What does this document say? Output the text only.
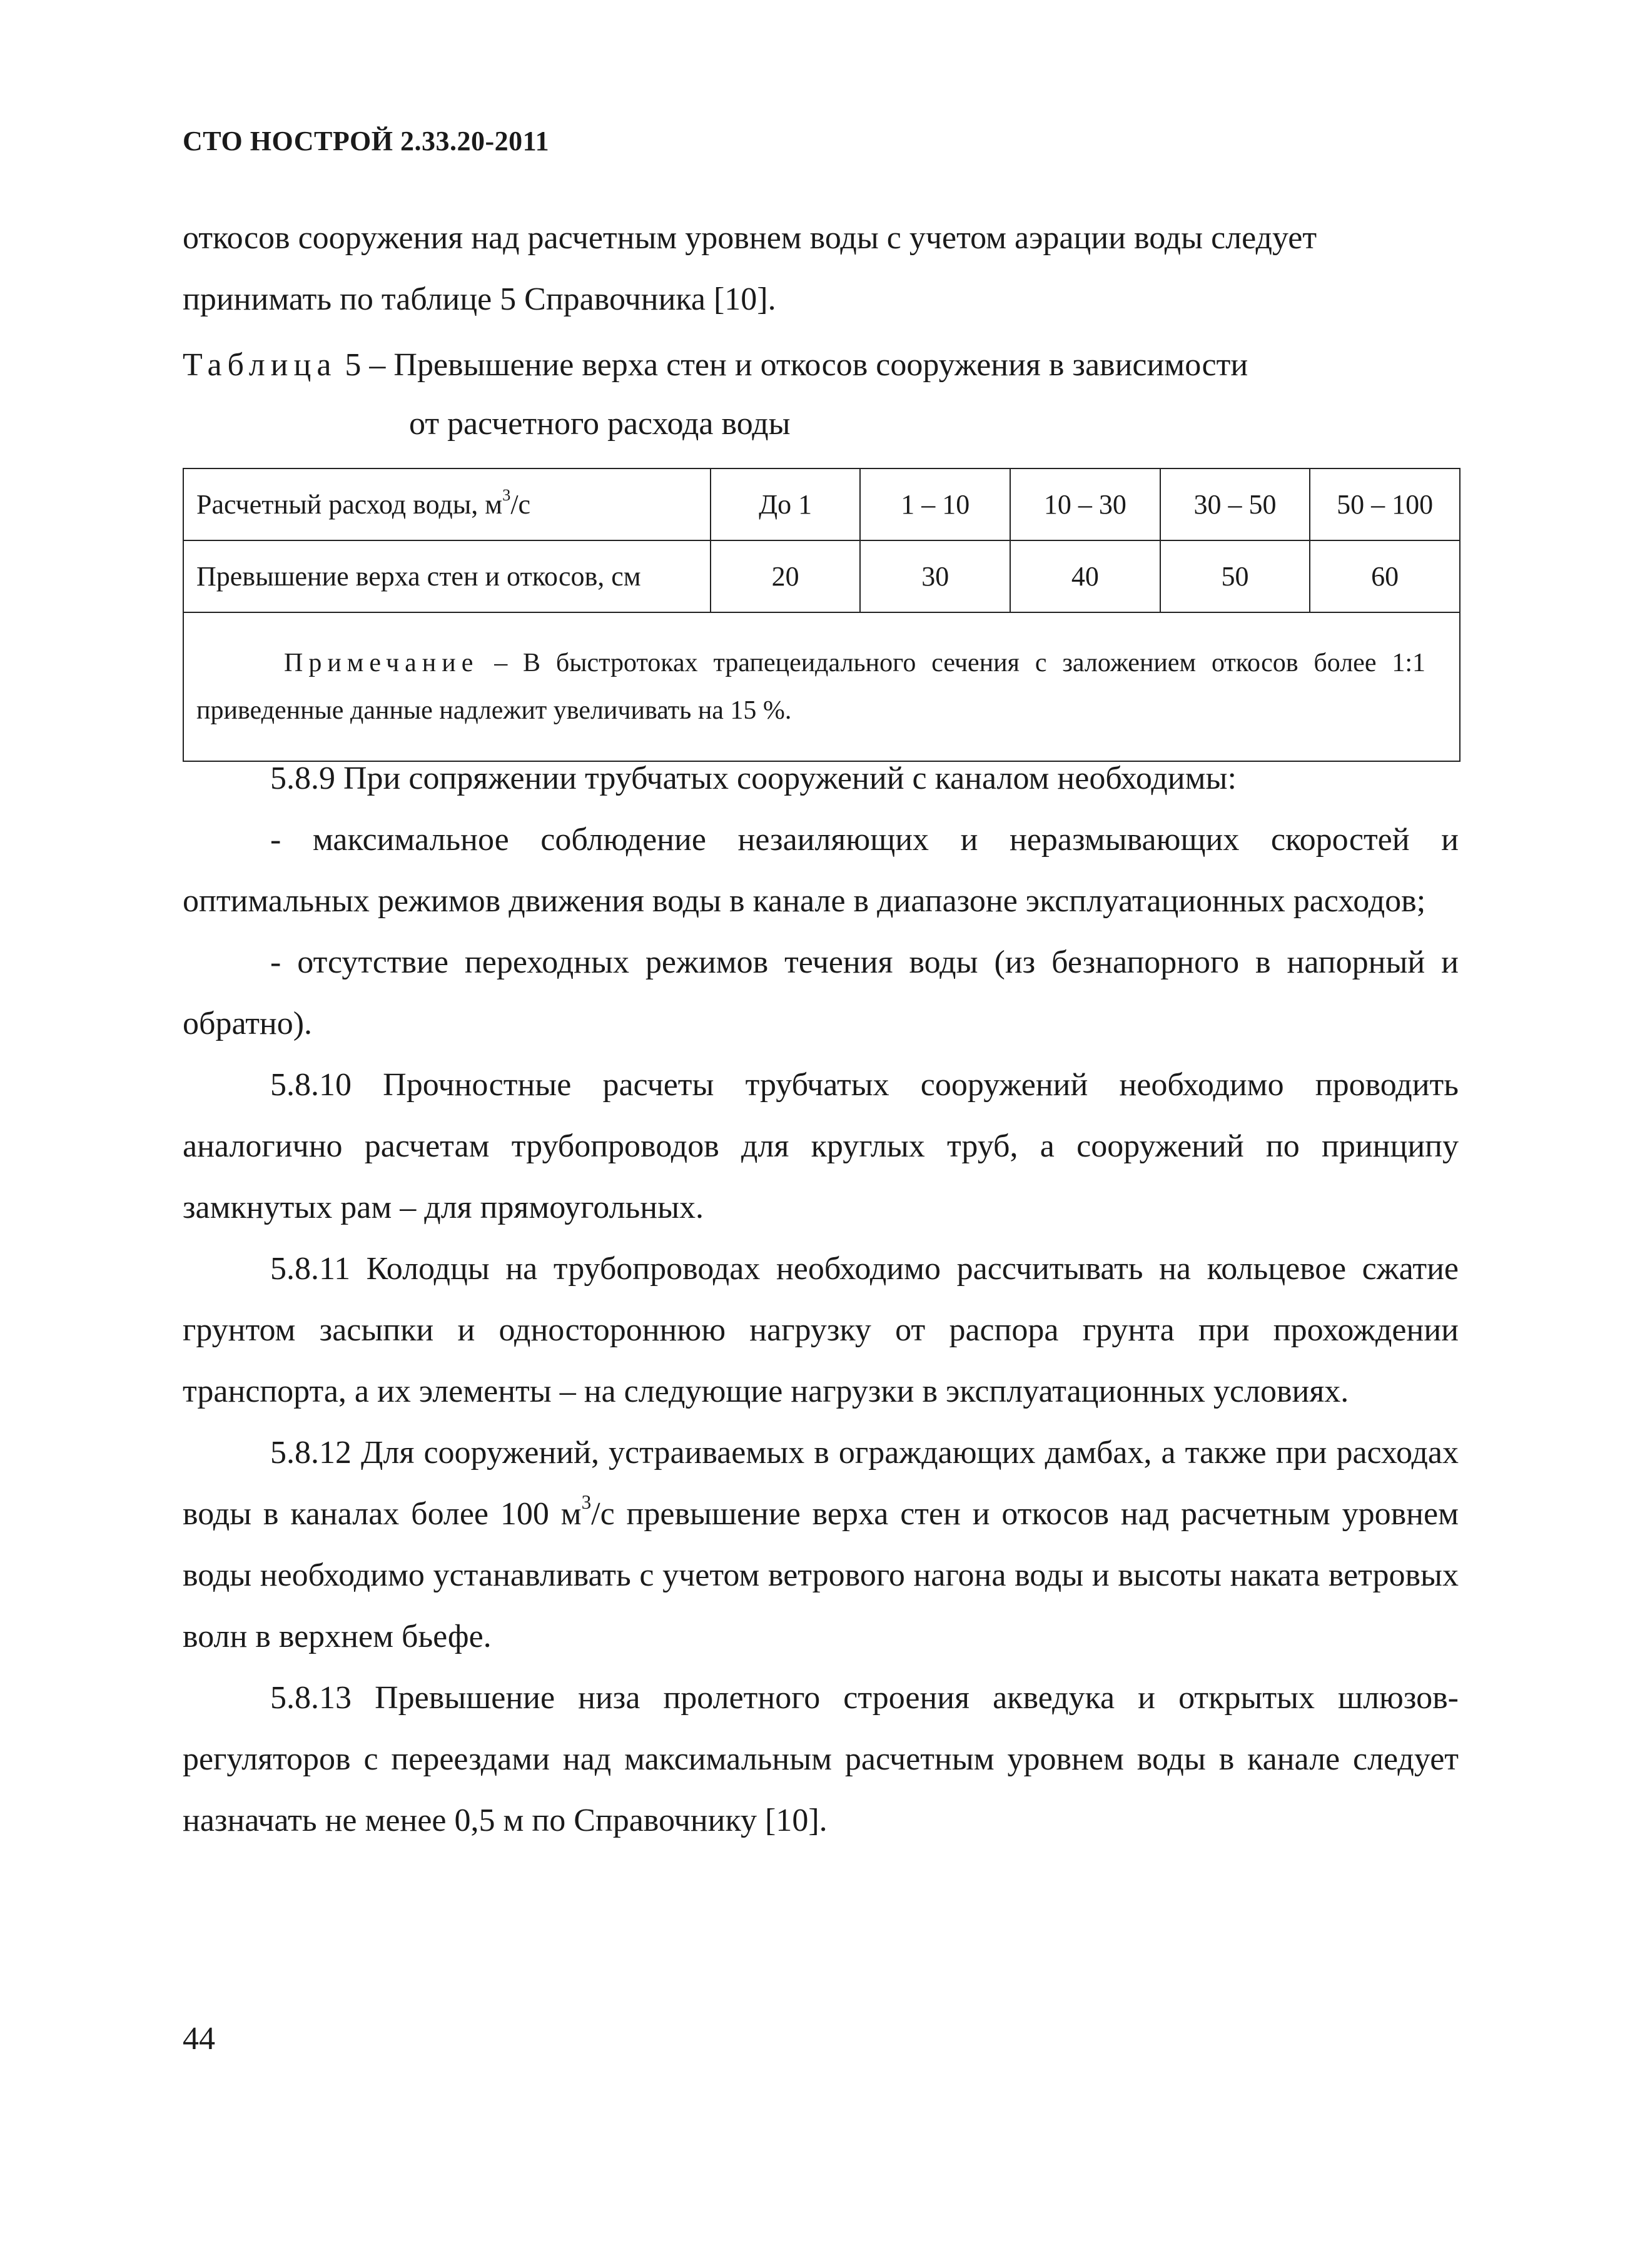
СТО НОСТРОЙ 2.33.20-2011
откосов сооружения над расчетным уровнем воды с учетом аэрации воды следует
принимать по таблице 5 Справочника [10].
Таблица 5 – Превышение верха стен и откосов сооружения в зависимости
от расчетного расхода воды
Расчетный расход воды, $м^3/с$	До 1	1 – 10	10 – 30	30 – 50	50 – 100
Превышение верха стен и откосов, см	20	30	40	50	60
Примечание – В быстротоках трапецеидального сечения с заложением откосов более 1:1 приведенные данные надлежит увеличивать на 15 %.					
5.8.9 При сопряжении трубчатых сооружений с каналом необходимы:
- максимальное соблюдение незаиляющих и неразмывающих скоростей и оптимальных режимов движения воды в канале в диапазоне эксплуатационных расходов;
- отсутствие переходных режимов течения воды (из безнапорного в напорный и обратно).
5.8.10 Прочностные расчеты трубчатых сооружений необходимо проводить аналогично расчетам трубопроводов для круглых труб, а сооружений по принципу замкнутых рам – для прямоугольных.
5.8.11 Колодцы на трубопроводах необходимо рассчитывать на кольцевое сжатие грунтом засыпки и одностороннюю нагрузку от распора грунта при прохождении транспорта, а их элементы – на следующие нагрузки в эксплуатационных условиях.
5.8.12 Для сооружений, устраиваемых в ограждающих дамбах, а также при расходах воды в каналах более 100 $м^3/с$ превышение верха стен и откосов над расчетным уровнем воды необходимо устанавливать с учетом ветрового нагона воды и высоты наката ветровых волн в верхнем бьефе.
5.8.13 Превышение низа пролетного строения акведука и открытых шлюзов-регуляторов с переездами над максимальным расчетным уровнем воды в канале следует назначать не менее 0,5 м по Справочнику [10].
44
